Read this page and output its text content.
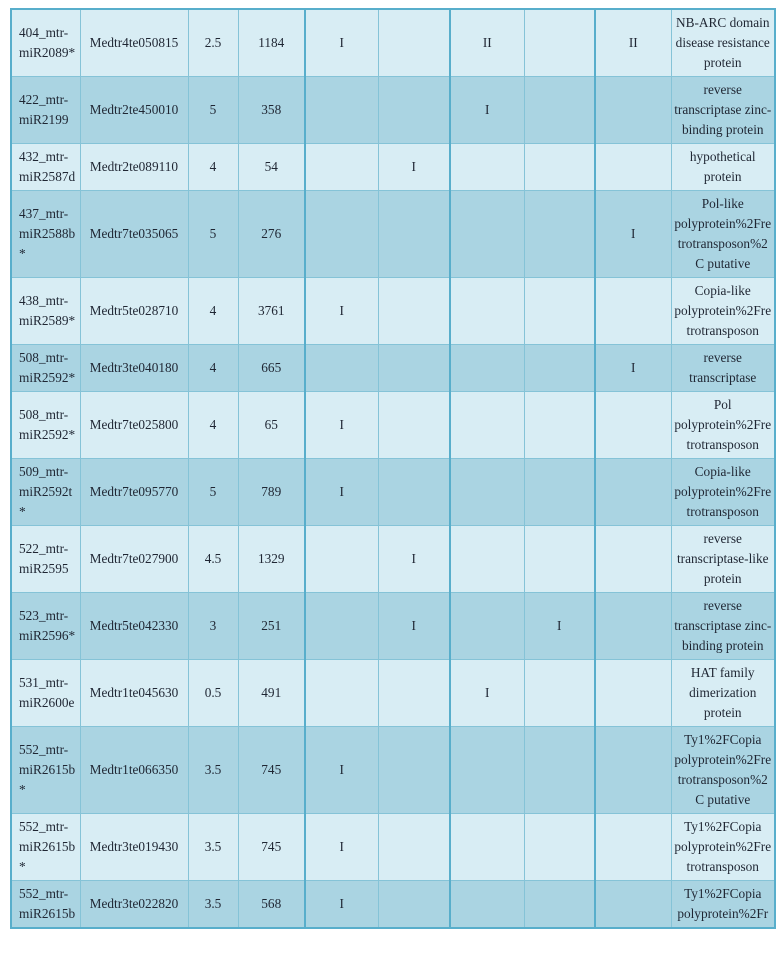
404_mtr-miR2089*	Medtr4te050815	2.5	1184	I		II		II	NB-ARC domain disease resistance protein
422_mtr-miR2199	Medtr2te450010	5	358			I			reverse transcriptase zinc-binding protein
432_mtr-miR2587d	Medtr2te089110	4	54		I				hypothetical protein
437_mtr-miR2588b*	Medtr7te035065	5	276					I	Pol-like polyprotein%2Fretrotransposon%2C putative
438_mtr-miR2589*	Medtr5te028710	4	3761	I					Copia-like polyprotein%2Fretrotransposon
508_mtr-miR2592*	Medtr3te040180	4	665					I	reverse transcriptase
508_mtr-miR2592*	Medtr7te025800	4	65	I					Pol polyprotein%2Fretrotransposon
509_mtr-miR2592t*	Medtr7te095770	5	789	I					Copia-like polyprotein%2Fretrotransposon
522_mtr-miR2595	Medtr7te027900	4.5	1329		I				reverse transcriptase-like protein
523_mtr-miR2596*	Medtr5te042330	3	251		I		I		reverse transcriptase zinc-binding protein
531_mtr-miR2600e	Medtr1te045630	0.5	491			I			HAT family dimerization protein
552_mtr-miR2615b*	Medtr1te066350	3.5	745	I					Ty1%2FCopia polyprotein%2Fretrotransposon%2C putative
552_mtr-miR2615b*	Medtr3te019430	3.5	745	I					Ty1%2FCopia polyprotein%2Fretrotransposon
552_mtr-miR2615b	Medtr3te022820	3.5	568	I					Ty1%2FCopia polyprotein%2Fr
